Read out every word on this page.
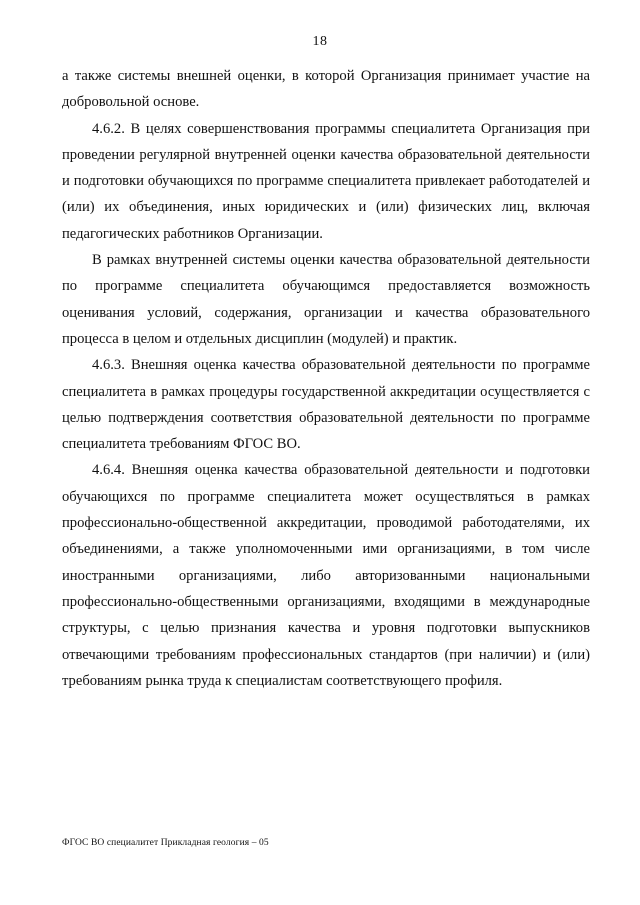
18

а также системы внешней оценки, в которой Организация принимает участие на добровольной основе.

4.6.2. В целях совершенствования программы специалитета Организация при проведении регулярной внутренней оценки качества образовательной деятельности и подготовки обучающихся по программе специалитета привлекает работодателей и (или) их объединения, иных юридических и (или) физических лиц, включая педагогических работников Организации.

В рамках внутренней системы оценки качества образовательной деятельности по программе специалитета обучающимся предоставляется возможность оценивания условий, содержания, организации и качества образовательного процесса в целом и отдельных дисциплин (модулей) и практик.

4.6.3. Внешняя оценка качества образовательной деятельности по программе специалитета в рамках процедуры государственной аккредитации осуществляется с целью подтверждения соответствия образовательной деятельности по программе специалитета требованиям ФГОС ВО.

4.6.4. Внешняя оценка качества образовательной деятельности и подготовки обучающихся по программе специалитета может осуществляться в рамках профессионально-общественной аккредитации, проводимой работодателями, их объединениями, а также уполномоченными ими организациями, в том числе иностранными организациями, либо авторизованными национальными профессионально-общественными организациями, входящими в международные структуры, с целью признания качества и уровня подготовки выпускников отвечающими требованиям профессиональных стандартов (при наличии) и (или) требованиям рынка труда к специалистам соответствующего профиля.

ФГОС ВО специалитет Прикладная геология – 05
